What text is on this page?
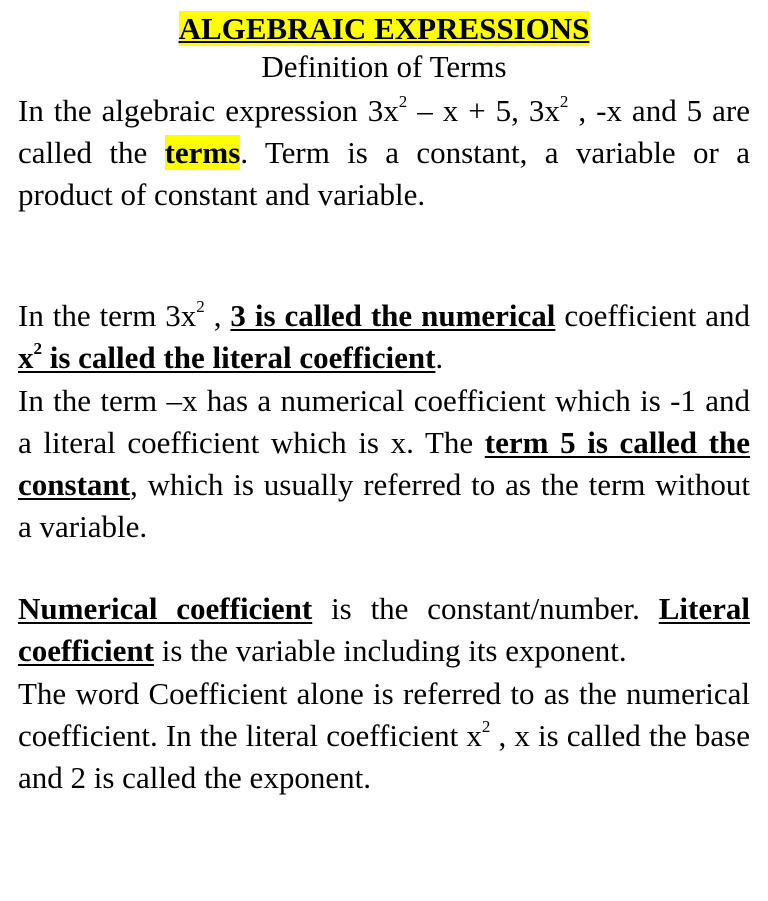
ALGEBRAIC EXPRESSIONS
Definition of Terms

In the algebraic expression $3x^2 - x + 5$, $3x^2$ , -x and 5 are called the terms. Term is a constant, a variable or a product of constant and variable.

In the term $3x^2$ , 3 is called the numerical coefficient and $x^2$ is called the literal coefficient.

In the term –x has a numerical coefficient which is -1 and a literal coefficient which is x. The term 5 is called the constant, which is usually referred to as the term without a variable.

Numerical coefficient is the constant/number. Literal coefficient is the variable including its exponent.

The word Coefficient alone is referred to as the numerical coefficient. In the literal coefficient $x^2$ , x is called the base and 2 is called the exponent.
